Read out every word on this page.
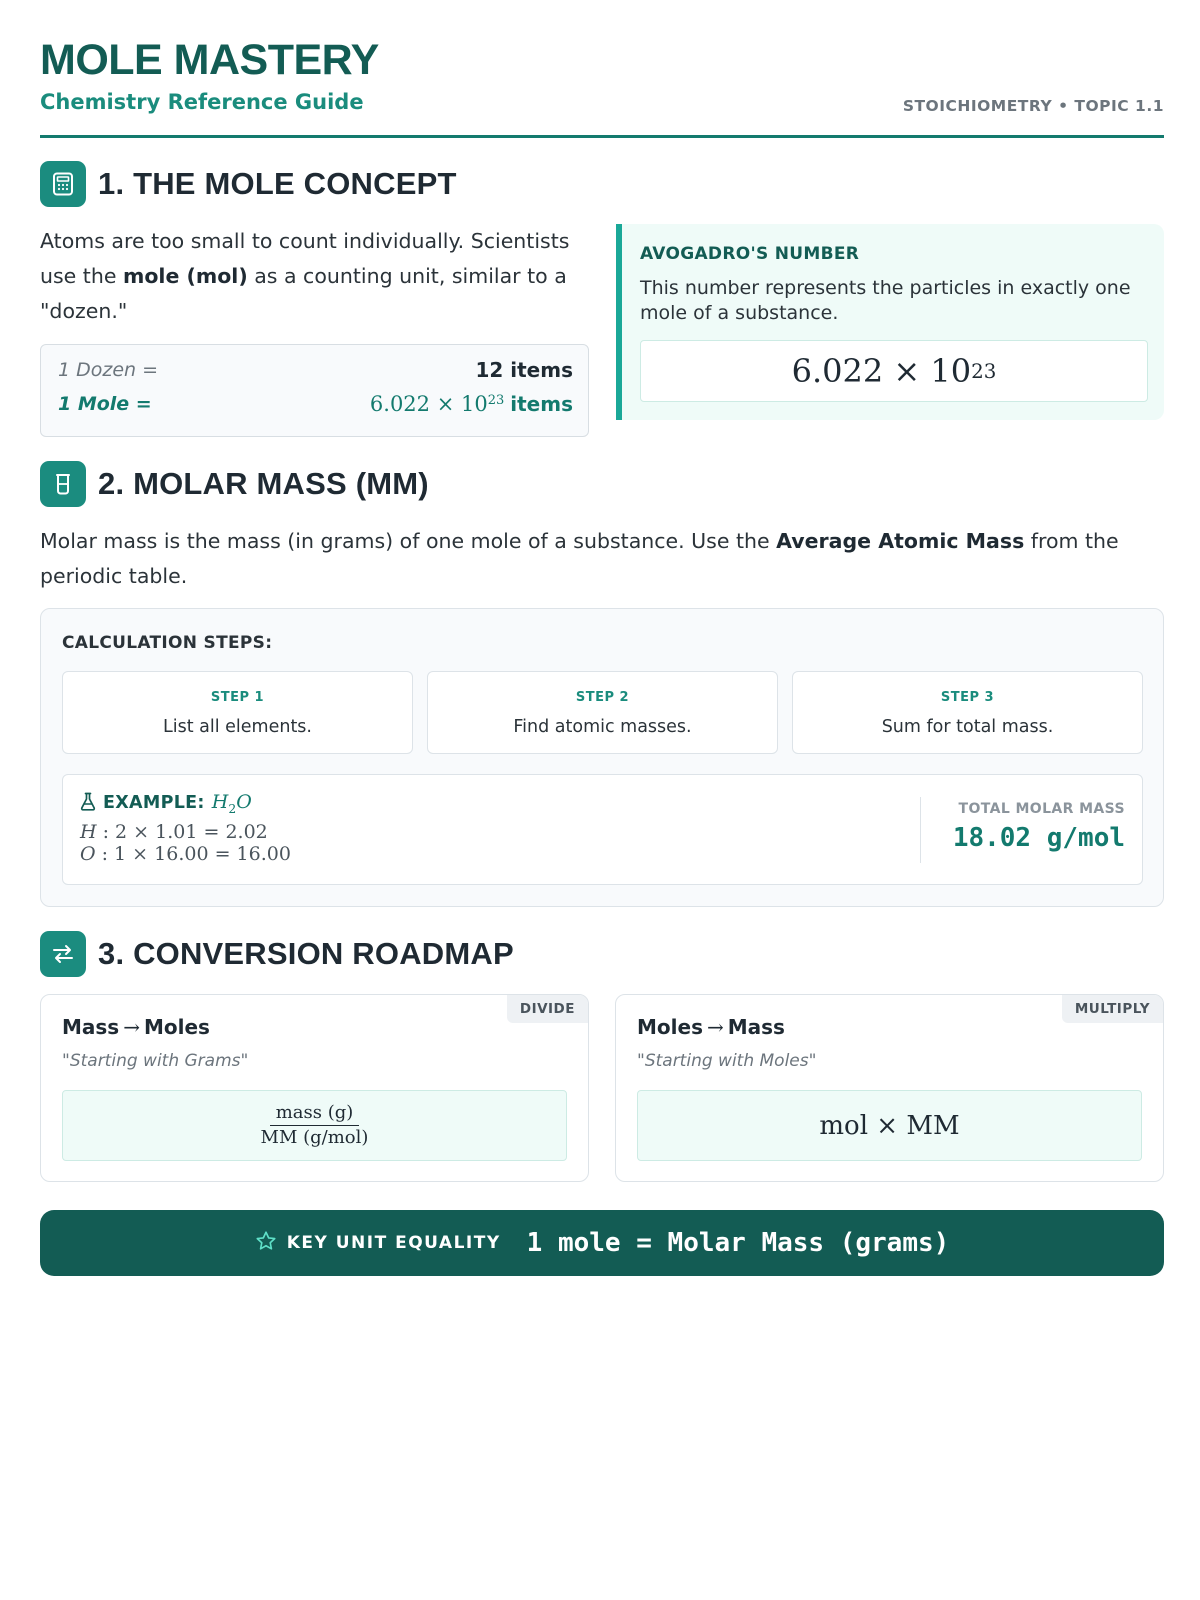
MOLE MASTERY
Chemistry Reference Guide	STOICHIOMETRY • TOPIC 1.1
1. THE MOLE CONCEPT
Atoms are too small to count individually. Scientists use the mole (mol) as a counting unit, similar to a "dozen."
1 Dozen =	12 items
1 Mole =	$6.022 \times 10^{23}$ items
AVOGADRO'S NUMBER
This number represents the particles in exactly one mole of a substance.
6.022 × 10 23
2. MOLAR MASS (MM)
Molar mass is the mass (in grams) of one mole of a substance. Use the Average Atomic Mass from the periodic table.
CALCULATION STEPS:
STEP 1
List all elements.
STEP 2
Find atomic masses.
STEP 3
Sum for total mass.
EXAMPLE: $H_2O$
H : 2 × 1.01 = 2.02
O : 1 × 16.00 = 16.00
TOTAL MOLAR MASS
18.02 g/mol
3. CONVERSION ROADMAP
DIVIDE
Mass → Moles
"Starting with Grams"
$\frac{\text{mass (g)}}{\text{MM (g/mol)}}$
MULTIPLY
Moles → Mass
"Starting with Moles"
mol × MM
KEY UNIT EQUALITY 1 mole = Molar Mass (grams)
